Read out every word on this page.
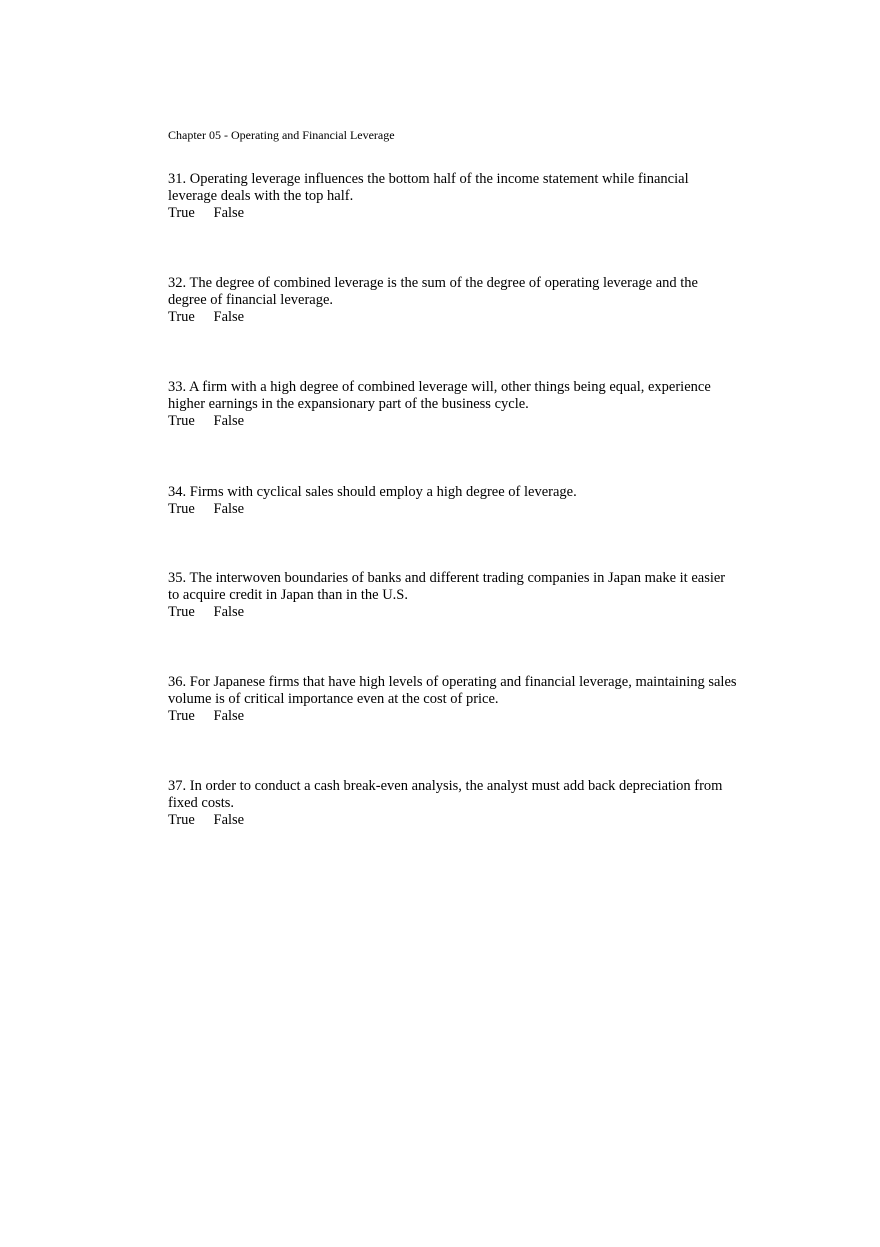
Chapter 05 - Operating and Financial Leverage
31. Operating leverage influences the bottom half of the income statement while financial leverage deals with the top half.
True False
32. The degree of combined leverage is the sum of the degree of operating leverage and the degree of financial leverage.
True False
33. A firm with a high degree of combined leverage will, other things being equal, experience higher earnings in the expansionary part of the business cycle.
True False
34. Firms with cyclical sales should employ a high degree of leverage.
True False
35. The interwoven boundaries of banks and different trading companies in Japan make it easier to acquire credit in Japan than in the U.S.
True False
36. For Japanese firms that have high levels of operating and financial leverage, maintaining sales volume is of critical importance even at the cost of price.
True False
37. In order to conduct a cash break-even analysis, the analyst must add back depreciation from fixed costs.
True False
